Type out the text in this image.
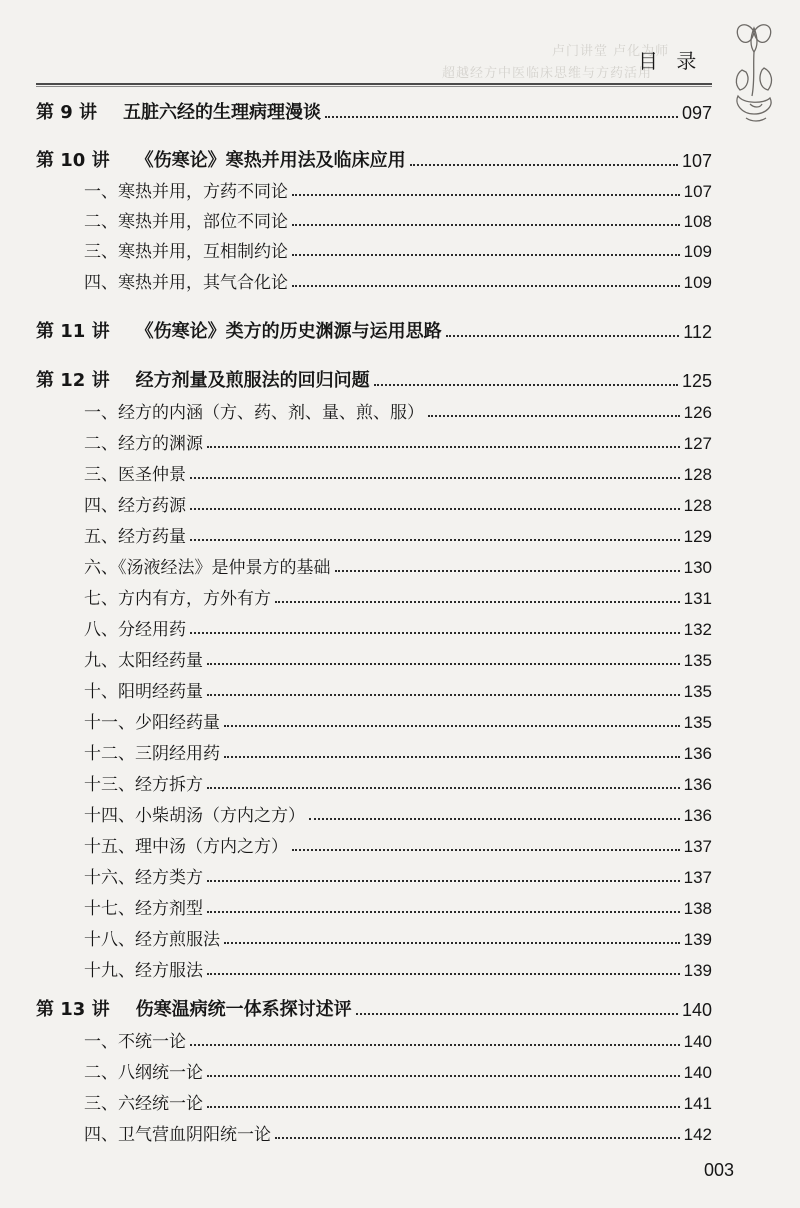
卢门讲堂 卢化为师
超越经方中医临床思维与方药活用
目 录
第 9 讲 五脏六经的生理病理漫谈	097
第 10 讲 《伤寒论》寒热并用法及临床应用	107
一、寒热并用，方药不同论	107
二、寒热并用，部位不同论	108
三、寒热并用，互相制约论	109
四、寒热并用，其气合化论	109
第 11 讲 《伤寒论》类方的历史渊源与运用思路	112
第 12 讲 经方剂量及煎服法的回归问题	125
一、经方的内涵（方、药、剂、量、煎、服）	126
二、经方的渊源	127
三、医圣仲景	128
四、经方药源	128
五、经方药量	129
六、《汤液经法》是仲景方的基础	130
七、方内有方，方外有方	131
八、分经用药	132
九、太阳经药量	135
十、阳明经药量	135
十一、少阳经药量	135
十二、三阴经用药	136
十三、经方拆方	136
十四、小柴胡汤（方内之方）	136
十五、理中汤（方内之方）	137
十六、经方类方	137
十七、经方剂型	138
十八、经方煎服法	139
十九、经方服法	139
第 13 讲 伤寒温病统一体系探讨述评	140
一、不统一论	140
二、八纲统一论	140
三、六经统一论	141
四、卫气营血阴阳统一论	142
003
